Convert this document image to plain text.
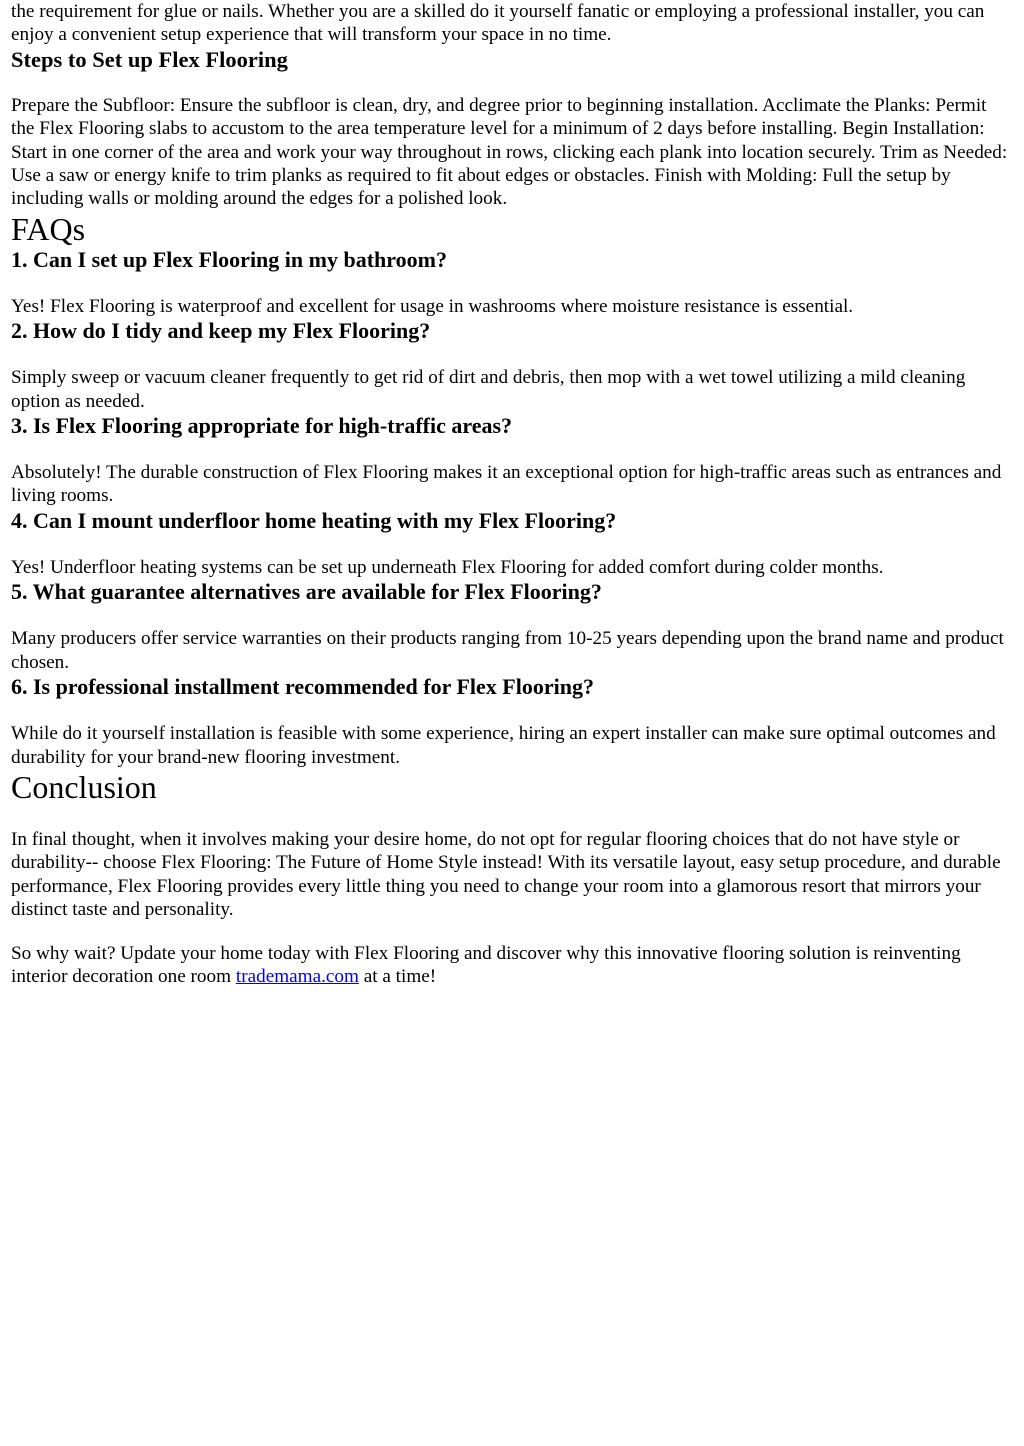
the requirement for glue or nails. Whether you are a skilled do it yourself fanatic or employing a professional installer, you can enjoy a convenient setup experience that will transform your space in no time.

Steps to Set up Flex Flooring

Prepare the Subfloor: Ensure the subfloor is clean, dry, and degree prior to beginning installation. Acclimate the Planks: Permit the Flex Flooring slabs to accustom to the area temperature level for a minimum of 2 days before installing. Begin Installation: Start in one corner of the area and work your way throughout in rows, clicking each plank into location securely. Trim as Needed: Use a saw or energy knife to trim planks as required to fit about edges or obstacles. Finish with Molding: Full the setup by including walls or molding around the edges for a polished look.

FAQs
1. Can I set up Flex Flooring in my bathroom?

Yes! Flex Flooring is waterproof and excellent for usage in washrooms where moisture resistance is essential.

2. How do I tidy and keep my Flex Flooring?

Simply sweep or vacuum cleaner frequently to get rid of dirt and debris, then mop with a wet towel utilizing a mild cleaning option as needed.

3. Is Flex Flooring appropriate for high-traffic areas?

Absolutely! The durable construction of Flex Flooring makes it an exceptional option for high-traffic areas such as entrances and living rooms.

4. Can I mount underfloor home heating with my Flex Flooring?

Yes! Underfloor heating systems can be set up underneath Flex Flooring for added comfort during colder months.

5. What guarantee alternatives are available for Flex Flooring?

Many producers offer service warranties on their products ranging from 10-25 years depending upon the brand name and product chosen.

6. Is professional installment recommended for Flex Flooring?

While do it yourself installation is feasible with some experience, hiring an expert installer can make sure optimal outcomes and durability for your brand-new flooring investment.

Conclusion

In final thought, when it involves making your desire home, do not opt for regular flooring choices that do not have style or durability-- choose Flex Flooring: The Future of Home Style instead! With its versatile layout, easy setup procedure, and durable performance, Flex Flooring provides every little thing you need to change your room into a glamorous resort that mirrors your distinct taste and personality.

So why wait? Update your home today with Flex Flooring and discover why this innovative flooring solution is reinventing interior decoration one room trademama.com at a time!
